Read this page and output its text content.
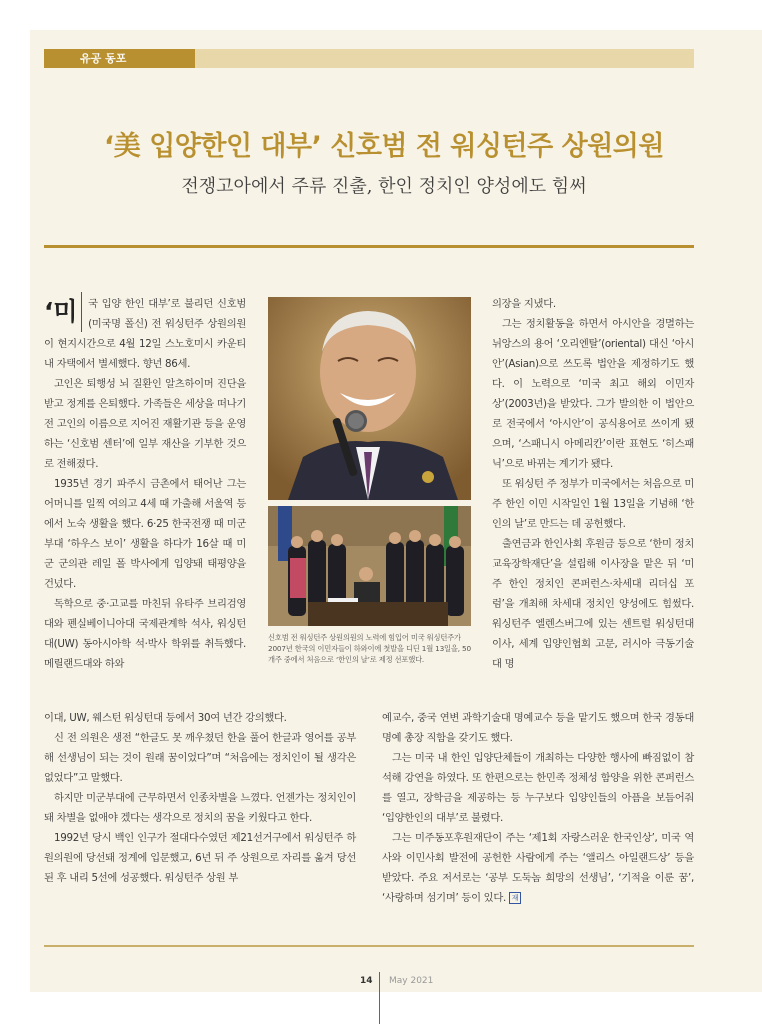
유공 동포
‘美 입양한인 대부’ 신호범 전 워싱턴주 상원의원
전쟁고아에서 주류 진출, 한인 정치인 양성에도 힘써

‘미	국 입양 한인 대부’로 불리던 신호범(미국명 폴신) 전 워싱턴주 상원의원이 현지시간으로 4월 12일 스노호미시 카운티 내 자택에서 별세했다. 향년 86세.

고인은 퇴행성 뇌 질환인 알츠하이머 진단을 받고 정계를 은퇴했다. 가족들은 세상을 떠나기 전 고인의 이름으로 지어진 재활기관 등을 운영하는 ‘신호범 센터’에 일부 재산을 기부한 것으로 전해졌다.

1935년 경기 파주시 금촌에서 태어난 그는 어머니를 일찍 여의고 4세 때 가출해 서울역 등에서 노숙 생활을 했다. 6·25 한국전쟁 때 미군 부대 ‘하우스 보이’ 생활을 하다가 16살 때 미군 군의관 레일 폴 박사에게 입양돼 태평양을 건넜다.

독학으로 중·고교를 마친뒤 유타주 브리검영대와 펜실베이니아대 국제관계학 석사, 워싱턴대(UW) 동아시아학 석·박사 학위를 취득했다. 메릴랜드대와 하와

신호범 전 워싱턴주 상원의원의 노력에 힘입어 미국 워싱턴주가 2007년 한국의 이민자들이 하와이에 첫발을 디딘 1월 13일을, 50개주 중에서 처음으로 ‘한인의 날’로 제정 선포했다.

의장을 지냈다.

그는 정치활동을 하면서 아시안을 경멸하는 뉘앙스의 용어 ‘오리엔탈’(oriental) 대신 ‘아시안’(Asian)으로 쓰도록 법안을 제정하기도 했다. 이 노력으로 ‘미국 최고 해외 이민자상’(2003년)을 받았다. 그가 발의한 이 법안으로 전국에서 ‘아시안’이 공식용어로 쓰이게 됐으며, ‘스패니시 아메리칸’이란 표현도 ‘히스패닉’으로 바뀌는 계기가 됐다.

또 워싱턴 주 정부가 미국에서는 처음으로 미주 한인 이민 시작일인 1월 13일을 기념해 ‘한인의 날’로 만드는 데 공헌했다.

출연금과 한인사회 후원금 등으로 ‘한미 정치교육장학재단’을 설립해 이사장을 맡은 뒤 ‘미주 한인 정치인 콘퍼런스·차세대 리더십 포럼’을 개최해 차세대 정치인 양성에도 힘썼다. 워싱턴주 엘렌스버그에 있는 센트럴 워싱턴대 이사, 세계 입양인협회 고문, 러시아 극동기술대 명

이대, UW, 웨스턴 워싱턴대 등에서 30여 년간 강의했다.

신 전 의원은 생전 “한글도 못 깨우쳤던 한을 풀어 한글과 영어를 공부해 선생님이 되는 것이 원래 꿈이었다”며 “처음에는 정치인이 될 생각은 없었다”고 말했다.

하지만 미군부대에 근무하면서 인종차별을 느꼈다. 언젠가는 정치인이 돼 차별을 없애야 겠다는 생각으로 정치의 꿈을 키웠다고 한다.

1992년 당시 백인 인구가 절대다수였던 제21선거구에서 워싱턴주 하원의원에 당선돼 정계에 입문했고, 6년 뒤 주 상원으로 자리를 옮겨 당선된 후 내리 5선에 성공했다. 워싱턴주 상원 부

예교수, 중국 연변 과학기술대 명예교수 등을 맡기도 했으며 한국 경동대 명예 총장 직함을 갖기도 했다.

그는 미국 내 한인 입양단체들이 개최하는 다양한 행사에 빠짐없이 참석해 강연을 하였다. 또 한편으로는 한민족 정체성 함양을 위한 콘퍼런스를 열고, 장학금을 제공하는 등 누구보다 입양인들의 아픔을 보듬어줘 ‘입양한인의 대부’로 불렸다.

그는 미주동포후원재단이 주는 ‘제1회 자랑스러운 한국인상’, 미국 역사와 이민사회 발전에 공헌한 사람에게 주는 ‘앨리스 아일랜드상’ 등을 받았다. 주요 저서로는 ‘공부 도둑놈 희망의 선생님’, ‘기적을 이룬 꿈’, ‘사랑하며 섬기며’ 등이 있다. 재

14 May 2021
